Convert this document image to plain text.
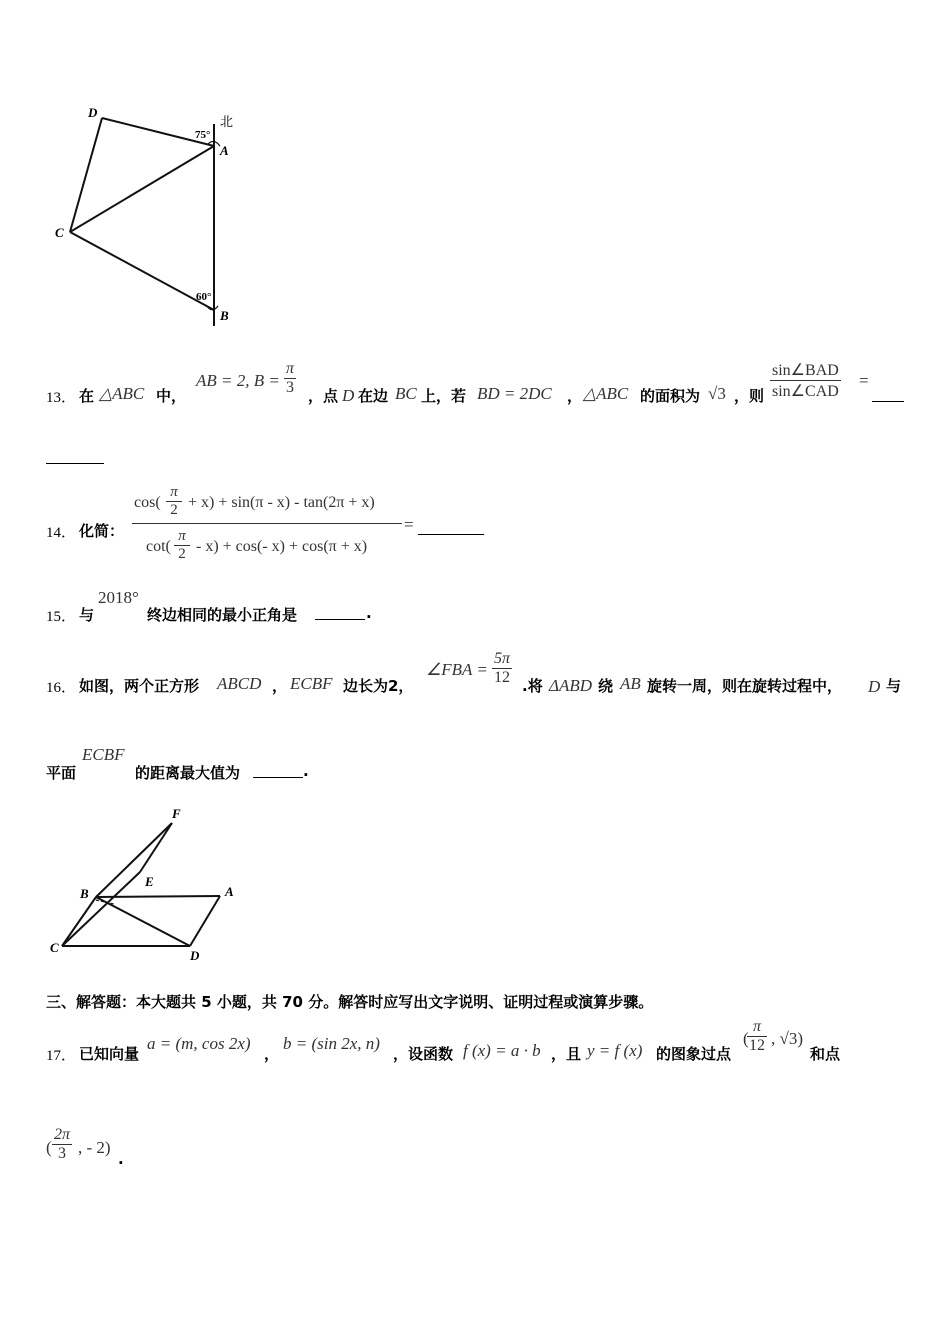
D
A
C
B
北
75°
60°
13． 在 △ABC 中，
AB = 2, $B = \frac{\pi}{3}$ ，点 D 在边 BC 上，若 BD = 2DC ， △ABC 的面积为 √3 ，则
sin∠BAD
sin∠CAD
=
14． 化简：
cos(
π
2 + x) + sin(π - x) - tan(2π + x)
cot(
π
2 - x) + cos(- x) + cos(π + x)
=
15． 与
2018°
终边相同的最小正角是	.
16． 如图，两个正方形 ABCD ， ECBF 边长为2，
∠FBA = $\frac{5\pi}{12}$ .将 ΔABD 绕 AB 旋转一周，则在旋转过程中， D 与
平面
ECBF
的距离最大值为	.
F
E
B	A
C
D
三、解答题：本大题共 5 小题，共 70 分。解答时应写出文字说明、证明过程或演算步骤。
17． 已知向量
a = (m, cos 2x)
，
b = (sin 2x, n)
，设函数 f (x) = a · b ，且 y = f (x) 的图象过点
(
$\frac{\pi}{12}$ , √3)
和点
( $\frac{2\pi}{3}$ , - 2)
.
